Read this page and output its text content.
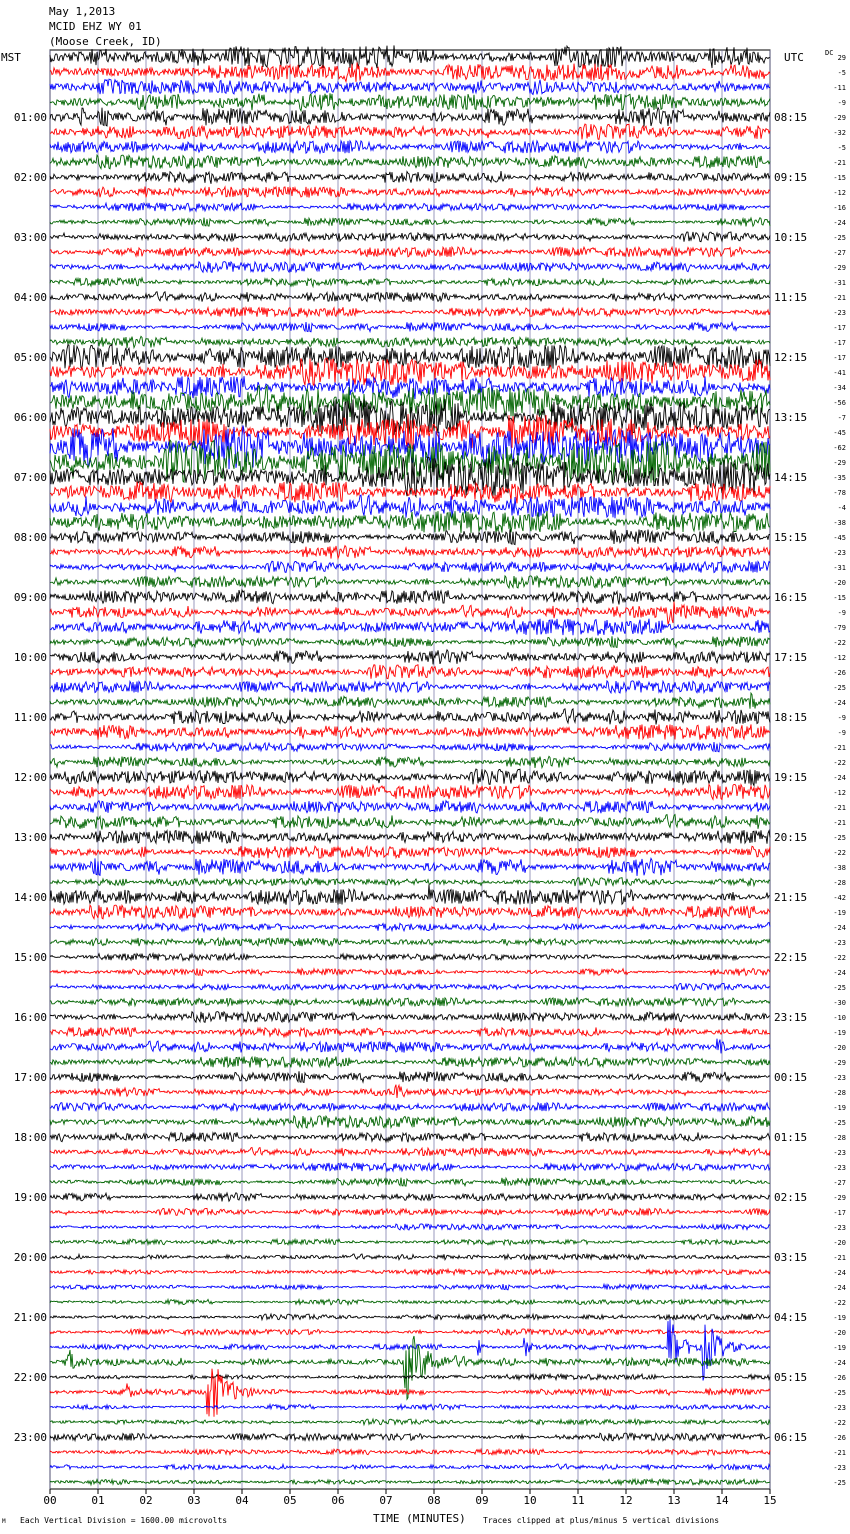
May 1,2013
MCID EHZ WY 01
(Moose Creek, ID)
MST	UTC
00	01	02	03	04	05	06	07	08	09	10	11	12	13	14	15
29
-5
-11
-9
-29
01:00	08:15
-32
-5
-21
-15
02:00	09:15
-12
-16
-24
-25
03:00	10:15
-27
-29
-31
-21
04:00	11:15
-23
-17
-17
-17
05:00	12:15
-41
-34
-56
-7
06:00	13:15
-45
-62
-29
-35
07:00	14:15
-78
-4
-38
-45
08:00	15:15
-23
-31
-20
-15
09:00	16:15
-9
-79
-22
-12
10:00	17:15
-26
-25
-24
-9
11:00	18:15
-9
-21
-22
-24
12:00	19:15
-12
-21
-21
-25
13:00	20:15
-22
-38
-28
-42
14:00	21:15
-19
-24
-23
-22
15:00	22:15
-24
-25
-30
-10
16:00	23:15
-19
-20
-29
-23
17:00	00:15
-28
-19
-25
-28
18:00	01:15
-23
-23
-27
-29
19:00	02:15
-17
-23
-20
-21
20:00	03:15
-24
-24
-22
-19
21:00	04:15
-20
-19
-24
-26
22:00	05:15
-25
-23
-22
-26
23:00	06:15
-21
-23
-25
DC
TIME (MINUTES)
Each Vertical Division = 1600.00 microvolts	Traces clipped at plus/minus 5 vertical divisions
M
